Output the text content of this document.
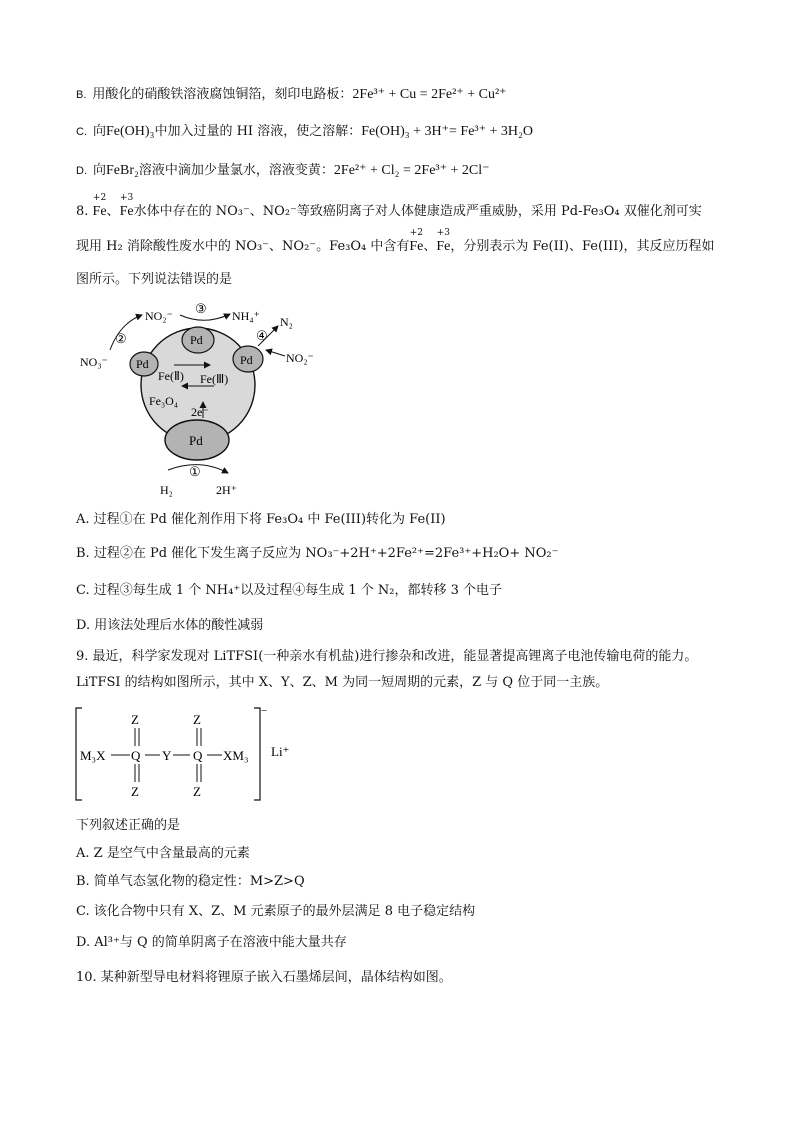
B. 用酸化的硝酸铁溶液腐蚀铜箔，刻印电路板：2Fe³⁺ + Cu = 2Fe²⁺ + Cu²⁺
C. 向Fe(OH)₃中加入过量的 HI 溶液，使之溶解：Fe(OH)₃ + 3H⁺= Fe³⁺ + 3H₂O
D. 向FeBr₂溶液中滴加少量氯水，溶液变黄：2Fe²⁺ + Cl₂ = 2Fe³⁺ + 2Cl⁻
8.
+2
Fe、
+3
Fe水体中存在的 NO₃⁻、NO₂⁻等致癌阴离子对人体健康造成严重威胁，采用 Pd-Fe₃O₄ 双催化剂可实
现用 H₂ 消除酸性废水中的 NO₃⁻、NO₂⁻。Fe₃O₄ 中含有
+2
Fe、
+3
Fe，分别表示为 Fe(II)、Fe(III)，其反应历程如
图所示。下列说法错误的是
Pd
Pd
Pd
Pd
Fe(Ⅱ) Fe(Ⅲ)
Fe₃O₄
2e⁻
NO₃⁻
②
NO₂⁻ ③ NH₄⁺
④
N₂
NO₂⁻
①
H₂	2H⁺
A. 过程①在 Pd 催化剂作用下将 Fe₃O₄ 中 Fe(III)转化为 Fe(II)
B. 过程②在 Pd 催化下发生离子反应为 NO₃⁻+2H⁺+2Fe²⁺=2Fe³⁺+H₂O+ NO₂⁻
C. 过程③每生成 1 个 NH₄⁺以及过程④每生成 1 个 N₂，都转移 3 个电子
D. 用该法处理后水体的酸性减弱
9. 最近，科学家发现对 LiTFSI(一种亲水有机盐)进行掺杂和改进，能显著提高锂离子电池传输电荷的能力。
LiTFSI 的结构如图所示，其中 X、Y、Z、M 为同一短周期的元素，Z 与 Q 位于同一主族。
−
Li⁺
M₃X Q
Z
Z
Y Q
Z
Z
XM₃
下列叙述正确的是
A. Z 是空气中含量最高的元素
B. 简单气态氢化物的稳定性：M>Z>Q
C. 该化合物中只有 X、Z、M 元素原子的最外层满足 8 电子稳定结构
D. Al³⁺与 Q 的简单阴离子在溶液中能大量共存
10. 某种新型导电材料将锂原子嵌入石墨烯层间，晶体结构如图。
